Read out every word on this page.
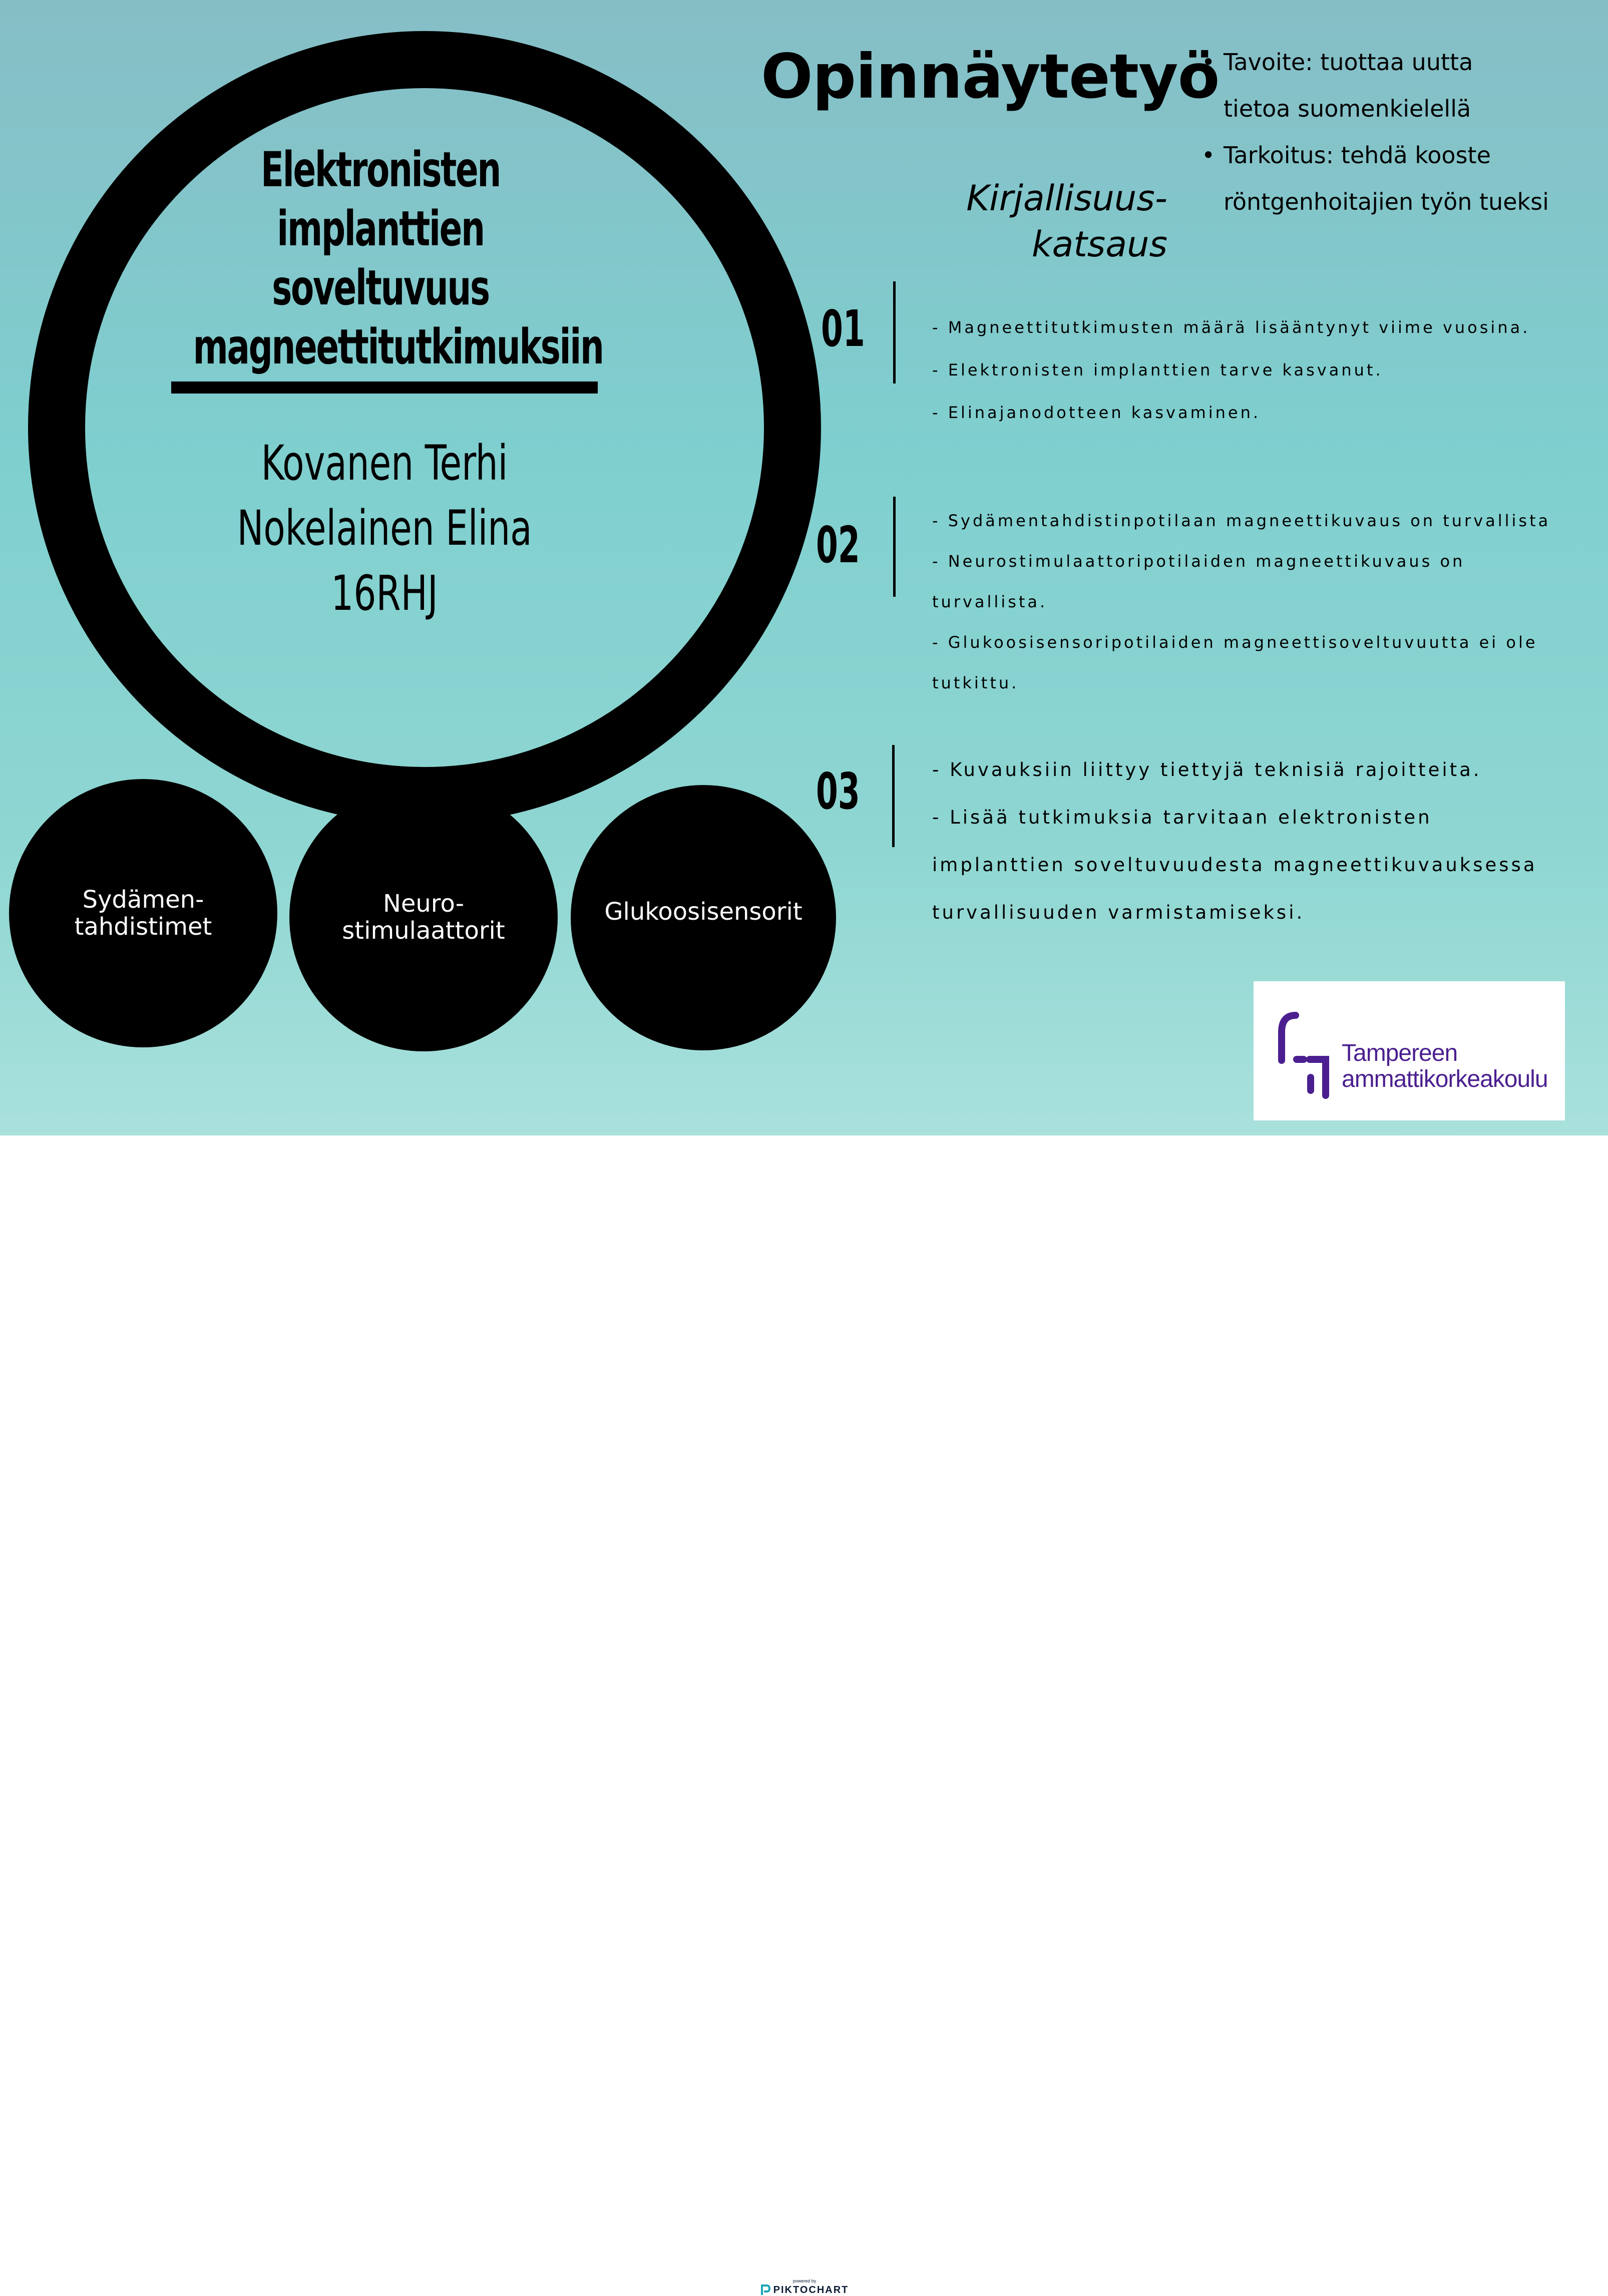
Elektronisten
implanttien soveltuvuus
magneettitutkimuksiin
Kovanen Terhi
Nokelainen Elina
16RHJ
Sydämen-
tahdistimet
Neuro-
stimulaattorit
Glukoosisensorit
Opinnäytetyö
• Tavoite: tuottaa uutta
tietoa suomenkielellä
• Tarkoitus: tehdä kooste
röntgenhoitajien työn tueksi
Kirjallisuus-
katsaus
01	- Magneettitutkimusten määrä lisääntynyt viime vuosina.
- Elektronisten implanttien tarve kasvanut.
- Elinajanodotteen kasvaminen.
02	- Sydämentahdistinpotilaan magneettikuvaus on turvallista
- Neurostimulaattoripotilaiden magneettikuvaus on
turvallista.
- Glukoosisensoripotilaiden magneettisoveltuvuutta ei ole
tutkittu.
03	- Kuvauksiin liittyy tiettyjä teknisiä rajoitteita.
- Lisää tutkimuksia tarvitaan elektronisten
implanttien soveltuvuudesta magneettikuvauksessa
turvallisuuden varmistamiseksi.
Tampereen
ammattikorkeakoulu
powered by
PIKTOCHART
